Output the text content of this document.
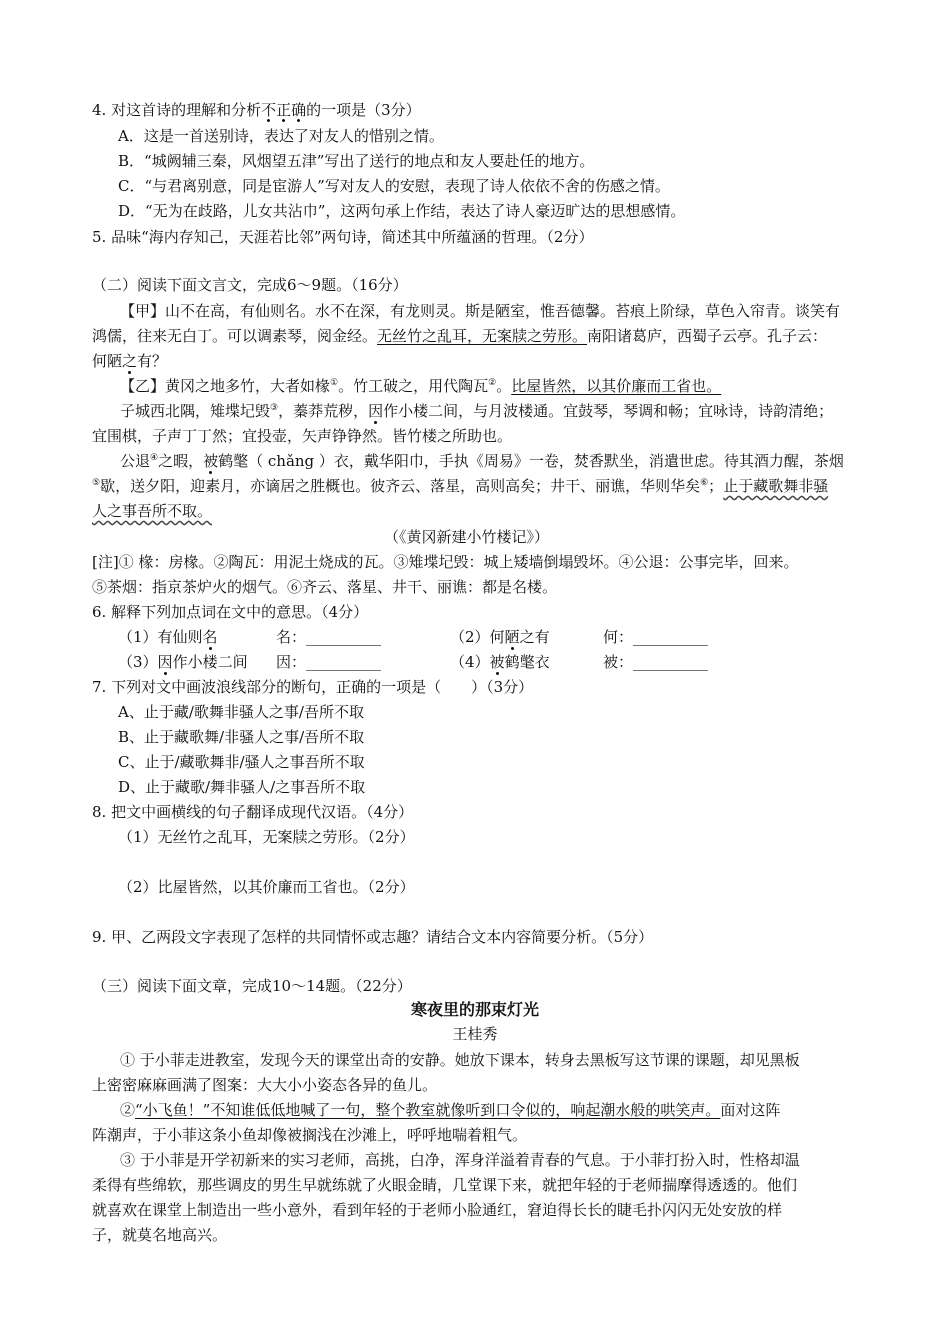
4. 对这首诗的理解和分析不正确的一项是（3分）
A．这是一首送别诗，表达了对友人的惜别之情。
B．“城阙辅三秦，风烟望五津”写出了送行的地点和友人要赴任的地方。
C．“与君离别意，同是宦游人”写对友人的安慰，表现了诗人依依不舍的伤感之情。
D．“无为在歧路，儿女共沾巾”，这两句承上作结，表达了诗人豪迈旷达的思想感情。
5. 品味“海内存知己，天涯若比邻”两句诗，简述其中所蕴涵的哲理。（2分）
（二）阅读下面文言文，完成6～9题。（16分）
【甲】山不在高，有仙则名。水不在深，有龙则灵。斯是陋室，惟吾德馨。苔痕上阶绿，草色入帘青。谈笑有
鸿儒，往来无白丁。可以调素琴，阅金经。无丝竹之乱耳，无案牍之劳形。南阳诸葛庐，西蜀子云亭。孔子云：
何陋之有？
【乙】黄冈之地多竹，大者如椽①。竹工破之，用代陶瓦②。比屋皆然，以其价廉而工省也。
子城西北隅，雉堞圮毁③，蓁莽荒秽，因作小楼二间，与月波楼通。宜鼓琴，琴调和畅；宜咏诗，诗韵清绝；
宜围棋，子声丁丁然；宜投壶，矢声铮铮然。皆竹楼之所助也。
公退④之暇，被鹤氅（ chǎng ）衣，戴华阳巾，手执《周易》一卷，焚香默坐，消遣世虑。待其酒力醒，茶烟
⑤歇，送夕阳，迎素月，亦谪居之胜概也。彼齐云、落星，高则高矣；井干、丽谯，华则华矣⑥；止于藏歌舞非骚
人之事吾所不取。
（《黄冈新建小竹楼记》）
[注]① 椽：房椽。②陶瓦：用泥土烧成的瓦。③雉堞圮毁：城上矮墙倒塌毁坏。④公退：公事完毕，回来。
⑤茶烟：指京茶炉火的烟气。⑥齐云、落星、井干、丽谯：都是名楼。
6. 解释下列加点词在文中的意思。（4分）
（1）有仙则名	名：__________	（2）何陋之有	何：__________
（3）因作小楼二间 因：__________	（4）被鹤氅衣	被：__________
7. 下列对文中画波浪线部分的断句，正确的一项是（　　）（3分）
A、止于藏/歌舞非骚人之事/吾所不取
B、止于藏歌舞/非骚人之事/吾所不取
C、止于/藏歌舞非/骚人之事吾所不取
D、止于藏歌/舞非骚人/之事吾所不取
8. 把文中画横线的句子翻译成现代汉语。（4分）
（1）无丝竹之乱耳，无案牍之劳形。（2分）
（2）比屋皆然，以其价廉而工省也。（2分）
9. 甲、乙两段文字表现了怎样的共同情怀或志趣？请结合文本内容简要分析。（5分）
（三）阅读下面文章，完成10～14题。（22分）
寒夜里的那束灯光
王桂秀
① 于小菲走进教室，发现今天的课堂出奇的安静。她放下课本，转身去黑板写这节课的课题，却见黑板
上密密麻麻画满了图案：大大小小姿态各异的鱼儿。
②“小飞鱼！”不知谁低低地喊了一句，整个教室就像听到口令似的，响起潮水般的哄笑声。面对这阵
阵潮声，于小菲这条小鱼却像被搁浅在沙滩上，呼呼地喘着粗气。
③ 于小菲是开学初新来的实习老师，高挑，白净，浑身洋溢着青春的气息。于小菲打扮入时，性格却温
柔得有些绵软，那些调皮的男生早就练就了火眼金睛，几堂课下来，就把年轻的于老师揣摩得透透的。他们
就喜欢在课堂上制造出一些小意外，看到年轻的于老师小脸通红，窘迫得长长的睫毛扑闪闪无处安放的样
子，就莫名地高兴。
